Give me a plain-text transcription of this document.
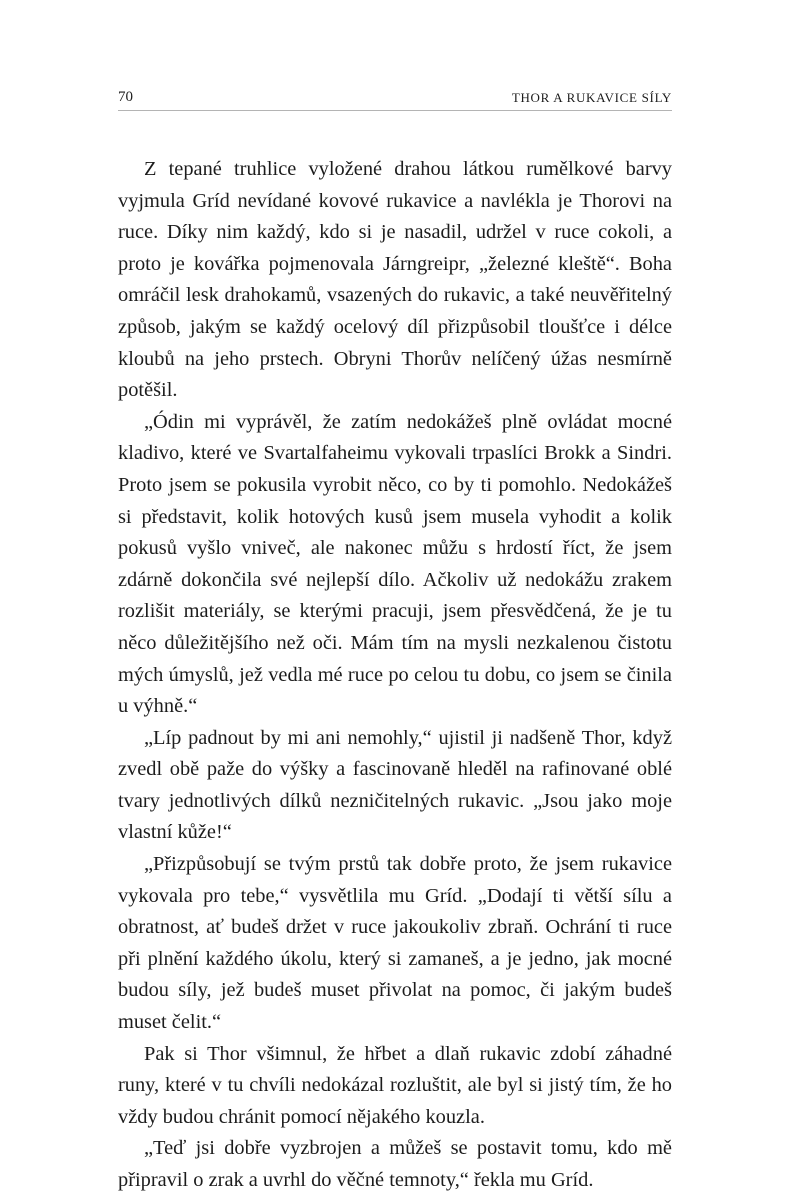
70	THOR A RUKAVICE SÍLY

Z tepané truhlice vyložené drahou látkou rumělkové barvy vyjmula Gríd nevídané kovové rukavice a navlékla je Thorovi na ruce. Díky nim každý, kdo si je nasadil, udržel v ruce cokoli, a proto je kovářka pojmenovala Járngreipr, „železné kleště“. Boha omráčil lesk drahokamů, vsazených do rukavic, a také neuvěřitelný způsob, jakým se každý ocelový díl přizpůsobil tloušťce i délce kloubů na jeho prstech. Obryni Thorův nelíčený úžas nesmírně potěšil.

„Ódin mi vyprávěl, že zatím nedokážeš plně ovládat mocné kladivo, které ve Svartalfaheimu vykovali trpaslíci Brokk a Sindri. Proto jsem se pokusila vyrobit něco, co by ti pomohlo. Nedokážeš si představit, kolik hotových kusů jsem musela vyhodit a kolik pokusů vyšlo vniveč, ale nakonec můžu s hrdostí říct, že jsem zdárně dokončila své nejlepší dílo. Ačkoliv už nedokážu zrakem rozlišit materiály, se kterými pracuji, jsem přesvědčená, že je tu něco důležitějšího než oči. Mám tím na mysli nezkalenou čistotu mých úmyslů, jež vedla mé ruce po celou tu dobu, co jsem se činila u výhně.“

„Líp padnout by mi ani nemohly,“ ujistil ji nadšeně Thor, když zvedl obě paže do výšky a fascinovaně hleděl na rafinované oblé tvary jednotlivých dílků nezničitelných rukavic. „Jsou jako moje vlastní kůže!“

„Přizpůsobují se tvým prstů tak dobře proto, že jsem rukavice vykovala pro tebe,“ vysvětlila mu Gríd. „Dodají ti větší sílu a obratnost, ať budeš držet v ruce jakoukoliv zbraň. Ochrání ti ruce při plnění každého úkolu, který si zamaneš, a je jedno, jak mocné budou síly, jež budeš muset přivolat na pomoc, či jakým budeš muset čelit.“

Pak si Thor všimnul, že hřbet a dlaň rukavic zdobí záhadné runy, které v tu chvíli nedokázal rozluštit, ale byl si jistý tím, že ho vždy budou chránit pomocí nějakého kouzla.

„Teď jsi dobře vyzbrojen a můžeš se postavit tomu, kdo mě připravil o zrak a uvrhl do věčné temnoty,“ řekla mu Gríd.
